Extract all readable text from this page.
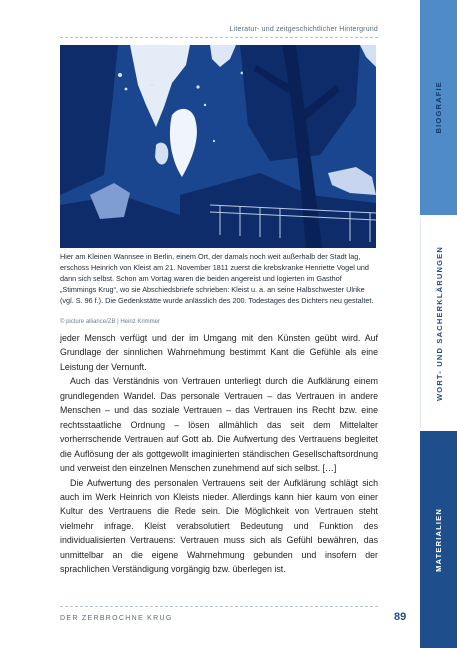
Literatur- und zeitgeschichtlicher Hintergrund

Hier am Kleinen Wannsee in Berlin, einem Ort, der damals noch weit außerhalb der Stadt lag, erschoss Heinrich von Kleist am 21. November 1811 zuerst die krebskranke Henriette Vogel und dann sich selbst. Schon am Vortag waren die beiden angereist und logierten im Gasthof „Stimmings Krug“, wo sie Abschiedsbriefe schrieben: Kleist u. a. an seine Halbschwester Ulrike (vgl. S. 96 f.). Die Gedenkstätte wurde anlässlich des 200. Todestages des Dichters neu gestaltet.

© picture alliance/ZB | Heinz Krimmer

jeder Mensch verfügt und der im Umgang mit den Künsten geübt wird. Auf Grundlage der sinnlichen Wahrnehmung bestimmt Kant die Gefühle als eine Leistung der Vernunft.

Auch das Verständnis von Vertrauen unterliegt durch die Aufklärung einem grundlegenden Wandel. Das personale Vertrauen – das Vertrauen in andere Menschen – und das soziale Vertrauen – das Vertrauen ins Recht bzw. eine rechtsstaatliche Ordnung – lösen allmählich das seit dem Mittelalter vorherrschende Vertrauen auf Gott ab. Die Aufwertung des Vertrauens begleitet die Auflösung der als gottgewollt imaginierten ständischen Gesellschaftsordnung und verweist den einzelnen Menschen zunehmend auf sich selbst. […]

Die Aufwertung des personalen Vertrauens seit der Aufklärung schlägt sich auch im Werk Heinrich von Kleists nieder. Allerdings kann hier kaum von einer Kultur des Vertrauens die Rede sein. Die Möglichkeit von Vertrauen steht vielmehr infrage. Kleist verabsolutiert Bedeutung und Funktion des individualisierten Vertrauens: Vertrauen muss sich als Gefühl bewähren, das unmittelbar an die eigene Wahrnehmung gebunden und insofern der sprachlichen Verständigung vorgängig bzw. überlegen ist.

DER ZERBROCHNE KRUG	89
BIOGRAFIE
WORT- UND SACHERKLÄRUNGEN
MATERIALIEN
